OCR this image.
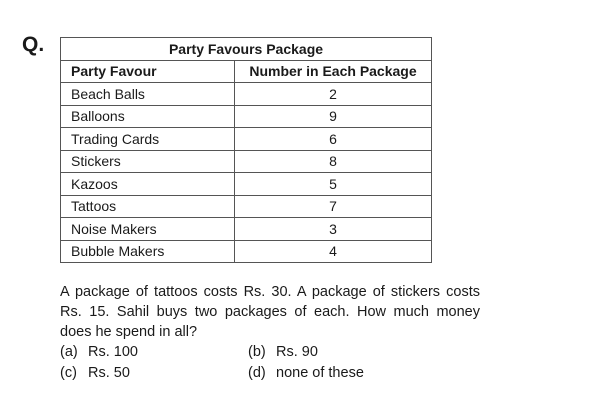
Q.	Party Favours Package	
Party Favour	Number in Each Package
Beach Balls	2
Balloons	9
Trading Cards	6
Stickers	8
Kazoos	5
Tattoos	7
Noise Makers	3
Bubble Makers	4
A package of tattoos costs Rs. 30. A package of stickers costs Rs. 15. Sahil buys two packages of each. How much money does he spend in all?
(a) Rs. 100	(b) Rs. 90
(c) Rs. 50	(d) none of these
